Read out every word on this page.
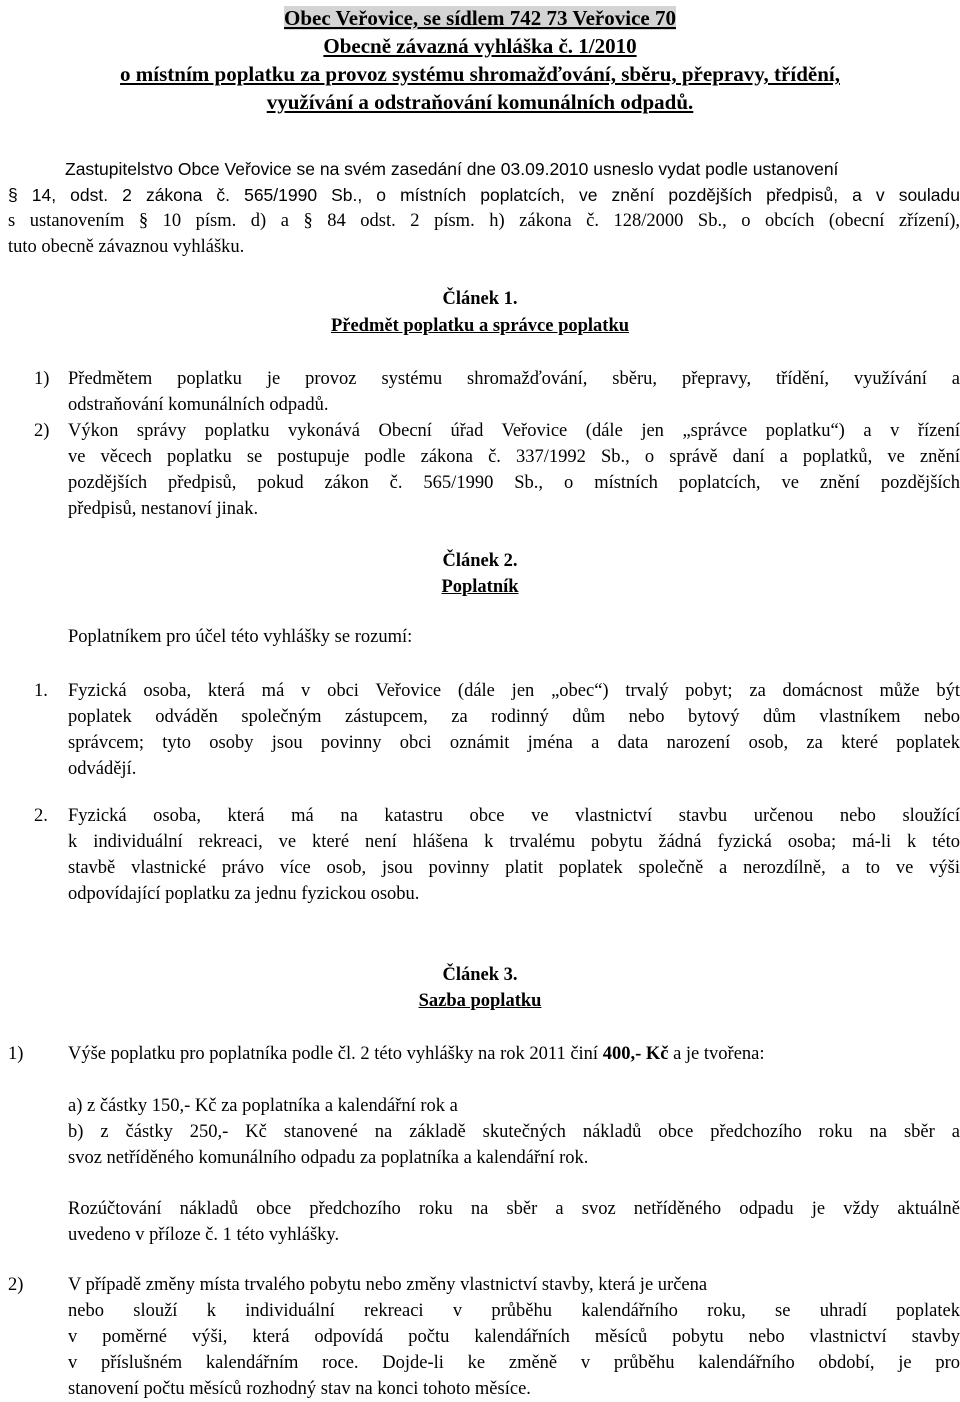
Obec Veřovice, se sídlem 742 73 Veřovice 70
Obecně závazná vyhláška č. 1/2010
o místním poplatku za provoz systému shromažďování, sběru, přepravy, třídění,
využívání a odstraňování komunálních odpadů.
Zastupitelstvo Obce Veřovice se na svém zasedání dne 03.09.2010 usneslo vydat podle ustanovení
§ 14, odst. 2 zákona č. 565/1990 Sb., o místních poplatcích, ve znění pozdějších předpisů, a v souladu
s ustanovením § 10 písm. d) a § 84 odst. 2 písm. h) zákona č. 128/2000 Sb., o obcích (obecní zřízení),
tuto obecně závaznou vyhlášku.
Článek 1.
Předmět poplatku a správce poplatku
1) Předmětem poplatku je provoz systému shromažďování, sběru, přepravy, třídění, využívání a
odstraňování komunálních odpadů.
2) Výkon správy poplatku vykonává Obecní úřad Veřovice (dále jen „správce poplatku“) a v řízení
ve věcech poplatku se postupuje podle zákona č. 337/1992 Sb., o správě daní a poplatků, ve znění
pozdějších předpisů, pokud zákon č. 565/1990 Sb., o místních poplatcích, ve znění pozdějších
předpisů, nestanoví jinak.
Článek 2.
Poplatník
Poplatníkem pro účel této vyhlášky se rozumí:
1. Fyzická osoba, která má v obci Veřovice (dále jen „obec“) trvalý pobyt; za domácnost může být
poplatek odváděn společným zástupcem, za rodinný dům nebo bytový dům vlastníkem nebo
správcem; tyto osoby jsou povinny obci oznámit jména a data narození osob, za které poplatek
odvádějí.
2. Fyzická osoba, která má na katastru obce ve vlastnictví stavbu určenou nebo sloužící
k individuální rekreaci, ve které není hlášena k trvalému pobytu žádná fyzická osoba; má-li k této
stavbě vlastnické právo více osob, jsou povinny platit poplatek společně a nerozdílně, a to ve výši
odpovídající poplatku za jednu fyzickou osobu.
Článek 3.
Sazba poplatku
1) Výše poplatku pro poplatníka podle čl. 2 této vyhlášky na rok 2011 činí 400,- Kč a je tvořena:
a) z částky 150,- Kč za poplatníka a kalendářní rok a
b) z částky 250,- Kč stanovené na základě skutečných nákladů obce předchozího roku na sběr a
svoz netříděného komunálního odpadu za poplatníka a kalendářní rok.
Rozúčtování nákladů obce předchozího roku na sběr a svoz netříděného odpadu je vždy aktuálně
uvedeno v příloze č. 1 této vyhlášky.
2) V případě změny místa trvalého pobytu nebo změny vlastnictví stavby, která je určena
nebo slouží k individuální rekreaci v průběhu kalendářního roku, se uhradí poplatek
v poměrné výši, která odpovídá počtu kalendářních měsíců pobytu nebo vlastnictví stavby
v příslušném kalendářním roce. Dojde-li ke změně v průběhu kalendářního období, je pro
stanovení počtu měsíců rozhodný stav na konci tohoto měsíce.
